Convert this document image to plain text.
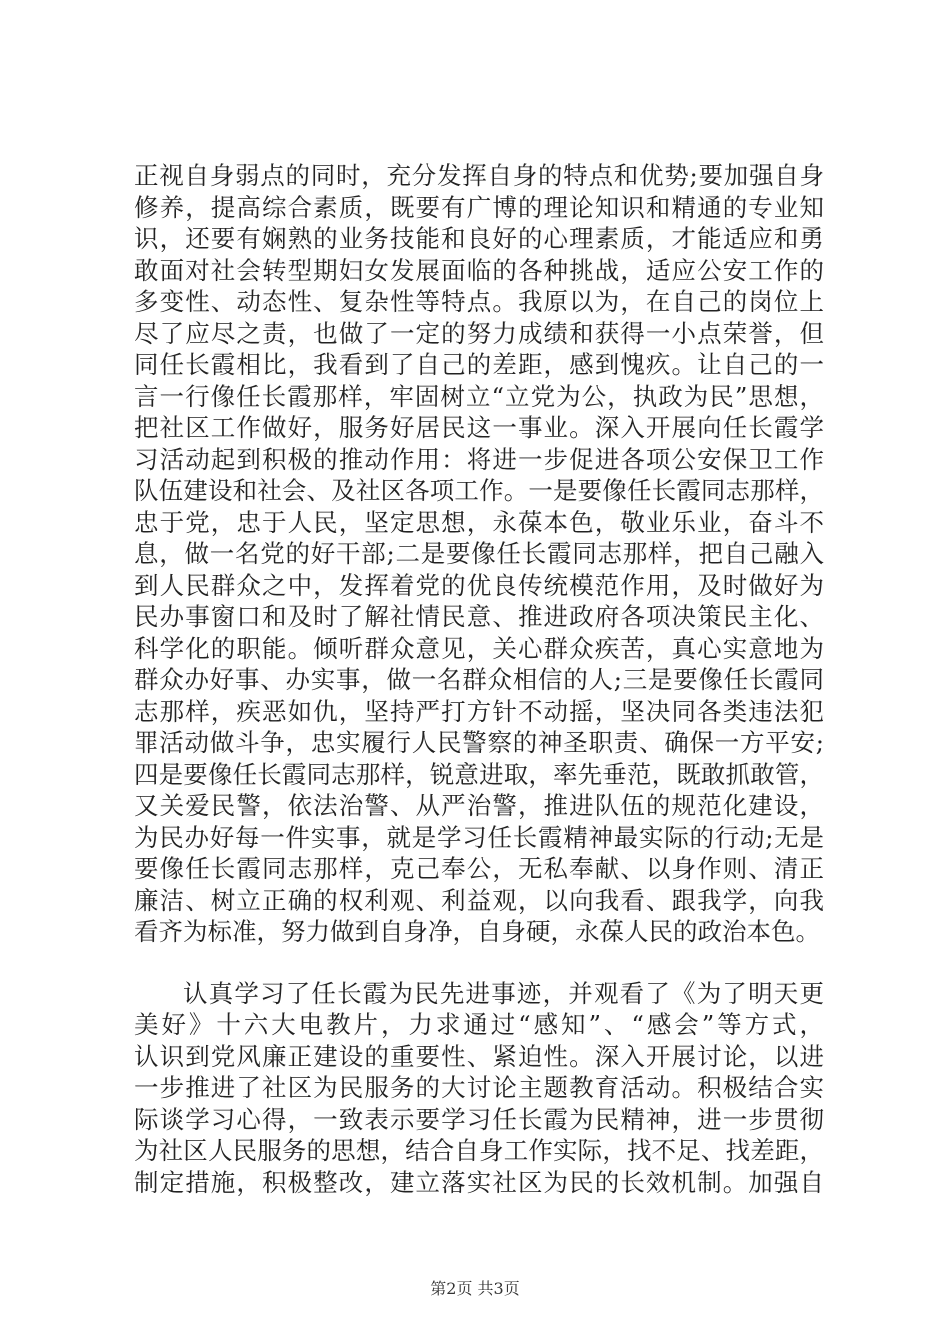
正视自身弱点的同时，充分发挥自身的特点和优势;要加强自身
修养，提高综合素质，既要有广博的理论知识和精通的专业知
识，还要有娴熟的业务技能和良好的心理素质，才能适应和勇
敢面对社会转型期妇女发展面临的各种挑战，适应公安工作的
多变性、动态性、复杂性等特点。我原以为，在自己的岗位上
尽了应尽之责，也做了一定的努力成绩和获得一小点荣誉，但
同任长霞相比，我看到了自己的差距，感到愧疚。让自己的一
言一行像任长霞那样，牢固树立“立党为公，执政为民”思想，
把社区工作做好，服务好居民这一事业。深入开展向任长霞学
习活动起到积极的推动作用：将进一步促进各项公安保卫工作
队伍建设和社会、及社区各项工作。一是要像任长霞同志那样，
忠于党，忠于人民，坚定思想，永葆本色，敬业乐业，奋斗不
息，做一名党的好干部;二是要像任长霞同志那样，把自己融入
到人民群众之中，发挥着党的优良传统模范作用，及时做好为
民办事窗口和及时了解社情民意、推进政府各项决策民主化、
科学化的职能。倾听群众意见，关心群众疾苦，真心实意地为
群众办好事、办实事，做一名群众相信的人;三是要像任长霞同
志那样，疾恶如仇，坚持严打方针不动摇，坚决同各类违法犯
罪活动做斗争，忠实履行人民警察的神圣职责、确保一方平安;
四是要像任长霞同志那样，锐意进取，率先垂范，既敢抓敢管，
又关爱民警，依法治警、从严治警，推进队伍的规范化建设，
为民办好每一件实事，就是学习任长霞精神最实际的行动;无是
要像任长霞同志那样，克己奉公，无私奉献、以身作则、清正
廉洁、树立正确的权利观、利益观，以向我看、跟我学，向我
看齐为标准，努力做到自身净，自身硬，永葆人民的政治本色。
认真学习了任长霞为民先进事迹，并观看了《为了明天更
美好》十六大电教片，力求通过“感知”、“感会”等方式，
认识到党风廉正建设的重要性、紧迫性。深入开展讨论，以进
一步推进了社区为民服务的大讨论主题教育活动。积极结合实
际谈学习心得，一致表示要学习任长霞为民精神，进一步贯彻
为社区人民服务的思想，结合自身工作实际，找不足、找差距，
制定措施，积极整改，建立落实社区为民的长效机制。加强自
第2页 共3页
